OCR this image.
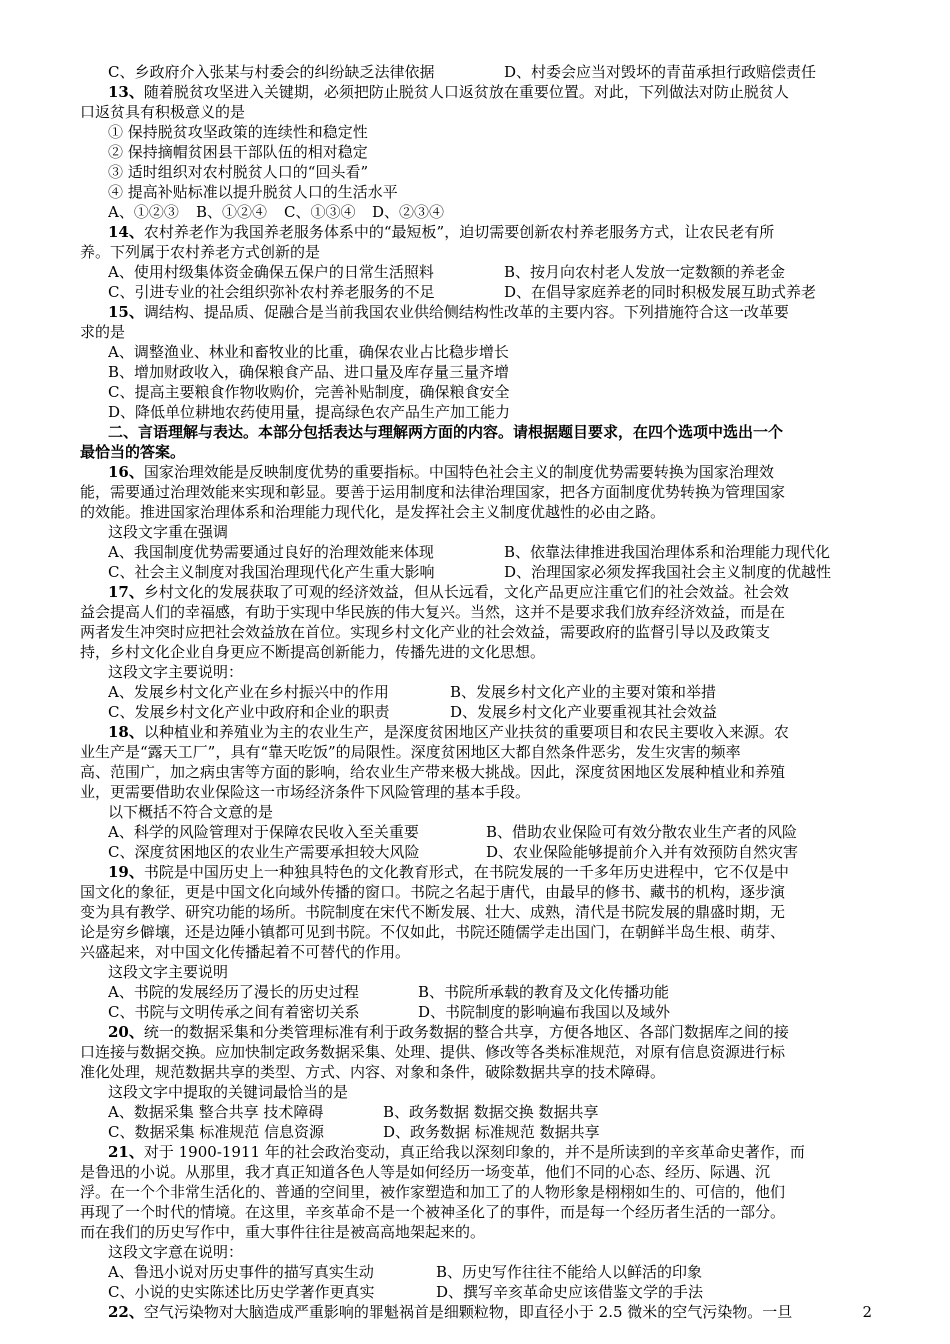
C、乡政府介入张某与村委会的纠纷缺乏法律依据	D、村委会应当对毁坏的青苗承担行政赔偿责任
13、随着脱贫攻坚进入关键期，必须把防止脱贫人口返贫放在重要位置。对此，下列做法对防止脱贫人
口返贫具有积极意义的是
① 保持脱贫攻坚政策的连续性和稳定性
② 保持摘帽贫困县干部队伍的相对稳定
③ 适时组织对农村脱贫人口的“回头看”
④ 提高补贴标准以提升脱贫人口的生活水平
A、①②③	B、①②④	C、①③④	D、②③④
14、农村养老作为我国养老服务体系中的“最短板”，迫切需要创新农村养老服务方式，让农民老有所
养。下列属于农村养老方式创新的是
A、使用村级集体资金确保五保户的日常生活照料	B、按月向农村老人发放一定数额的养老金
C、引进专业的社会组织弥补农村养老服务的不足	D、在倡导家庭养老的同时积极发展互助式养老
15、调结构、提品质、促融合是当前我国农业供给侧结构性改革的主要内容。下列措施符合这一改革要
求的是
A、调整渔业、林业和畜牧业的比重，确保农业占比稳步增长
B、增加财政收入，确保粮食产品、进口量及库存量三量齐增
C、提高主要粮食作物收购价，完善补贴制度，确保粮食安全
D、降低单位耕地农药使用量，提高绿色农产品生产加工能力
二、言语理解与表达。本部分包括表达与理解两方面的内容。请根据题目要求，在四个选项中选出一个
最恰当的答案。
16、国家治理效能是反映制度优势的重要指标。中国特色社会主义的制度优势需要转换为国家治理效
能，需要通过治理效能来实现和彰显。要善于运用制度和法律治理国家，把各方面制度优势转换为管理国家
的效能。推进国家治理体系和治理能力现代化，是发挥社会主义制度优越性的必由之路。
这段文字重在强调
A、我国制度优势需要通过良好的治理效能来体现	B、依靠法律推进我国治理体系和治理能力现代化
C、社会主义制度对我国治理现代化产生重大影响	D、治理国家必须发挥我国社会主义制度的优越性
17、乡村文化的发展获取了可观的经济效益，但从长远看，文化产品更应注重它们的社会效益。社会效
益会提高人们的幸福感，有助于实现中华民族的伟大复兴。当然，这并不是要求我们放弃经济效益，而是在
两者发生冲突时应把社会效益放在首位。实现乡村文化产业的社会效益，需要政府的监督引导以及政策支
持，乡村文化企业自身更应不断提高创新能力，传播先进的文化思想。
这段文字主要说明：
A、发展乡村文化产业在乡村振兴中的作用	B、发展乡村文化产业的主要对策和举措
C、发展乡村文化产业中政府和企业的职责	D、发展乡村文化产业要重视其社会效益
18、以种植业和养殖业为主的农业生产，是深度贫困地区产业扶贫的重要项目和农民主要收入来源。农
业生产是“露天工厂”，具有“靠天吃饭”的局限性。深度贫困地区大都自然条件恶劣，发生灾害的频率
高、范围广，加之病虫害等方面的影响，给农业生产带来极大挑战。因此，深度贫困地区发展种植业和养殖
业，更需要借助农业保险这一市场经济条件下风险管理的基本手段。
以下概括不符合文意的是
A、科学的风险管理对于保障农民收入至关重要	B、借助农业保险可有效分散农业生产者的风险
C、深度贫困地区的农业生产需要承担较大风险	D、农业保险能够提前介入并有效预防自然灾害
19、书院是中国历史上一种独具特色的文化教育形式，在书院发展的一千多年历史进程中，它不仅是中
国文化的象征，更是中国文化向域外传播的窗口。书院之名起于唐代，由最早的修书、藏书的机构，逐步演
变为具有教学、研究功能的场所。书院制度在宋代不断发展、壮大、成熟，清代是书院发展的鼎盛时期，无
论是穷乡僻壤，还是边陲小镇都可见到书院。不仅如此，书院还随儒学走出国门，在朝鲜半岛生根、萌芽、
兴盛起来，对中国文化传播起着不可替代的作用。
这段文字主要说明
A、书院的发展经历了漫长的历史过程	B、书院所承载的教育及文化传播功能
C、书院与文明传承之间有着密切关系	D、书院制度的影响遍布我国以及域外
20、统一的数据采集和分类管理标准有利于政务数据的整合共享，方便各地区、各部门数据库之间的接
口连接与数据交换。应加快制定政务数据采集、处理、提供、修改等各类标准规范，对原有信息资源进行标
准化处理，规范数据共享的类型、方式、内容、对象和条件，破除数据共享的技术障碍。
这段文字中提取的关键词最恰当的是
A、数据采集 整合共享 技术障碍	B、政务数据 数据交换 数据共享
C、数据采集 标准规范 信息资源	D、政务数据 标准规范 数据共享
21、对于 1900-1911 年的社会政治变动，真正给我以深刻印象的，并不是所读到的辛亥革命史著作，而
是鲁迅的小说。从那里，我才真正知道各色人等是如何经历一场变革，他们不同的心态、经历、际遇、沉
浮。在一个个非常生活化的、普通的空间里，被作家塑造和加工了的人物形象是栩栩如生的、可信的，他们
再现了一个时代的情境。在这里，辛亥革命不是一个被神圣化了的事件，而是每一个经历者生活的一部分。
而在我们的历史写作中，重大事件往往是被高高地架起来的。
这段文字意在说明：
A、鲁迅小说对历史事件的描写真实生动	B、历史写作往往不能给人以鲜活的印象
C、小说的史实陈述比历史学著作更真实	D、撰写辛亥革命史应该借鉴文学的手法
22、空气污染物对大脑造成严重影响的罪魁祸首是细颗粒物，即直径小于 2.5 微米的空气污染物。一旦	2
